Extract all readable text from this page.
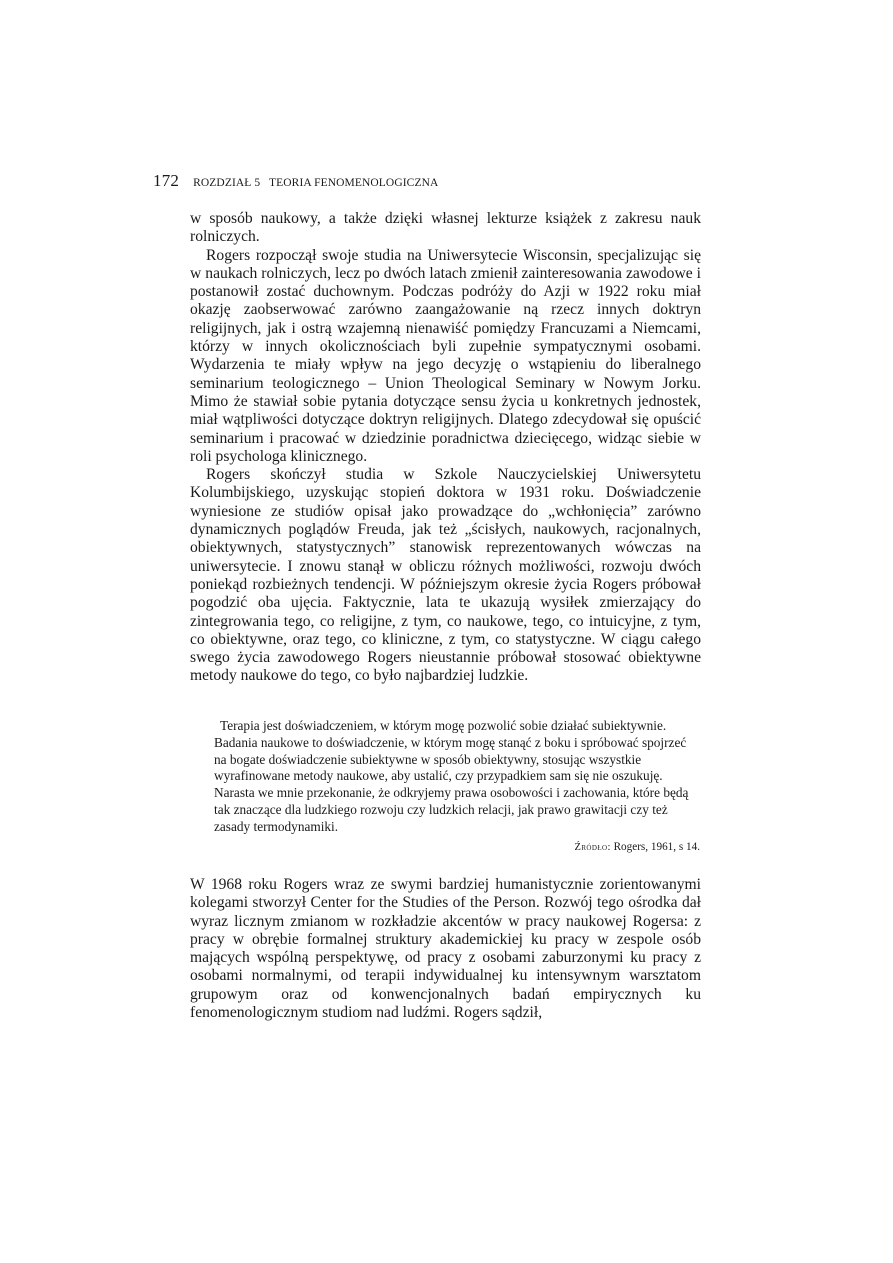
172 ROZDZIAŁ 5 TEORIA FENOMENOLOGICZNA

w sposób naukowy, a także dzięki własnej lekturze książek z zakresu nauk rolniczych.

Rogers rozpoczął swoje studia na Uniwersytecie Wisconsin, specjalizując się w naukach rolniczych, lecz po dwóch latach zmienił zainteresowania zawodowe i postanowił zostać duchownym. Podczas podróży do Azji w 1922 roku miał okazję zaobserwować zarówno zaangażowanie ną rzecz innych doktryn religijnych, jak i ostrą wzajemną nienawiść pomiędzy Francuzami a Niemcami, którzy w innych okolicznościach byli zupełnie sympatycznymi osobami. Wydarzenia te miały wpływ na jego decyzję o wstąpieniu do liberalnego seminarium teologicznego – Union Theological Seminary w Nowym Jorku. Mimo że stawiał sobie pytania dotyczące sensu życia u konkretnych jednostek, miał wątpliwości dotyczące doktryn religijnych. Dlatego zdecydował się opuścić seminarium i pracować w dziedzinie poradnictwa dziecięcego, widząc siebie w roli psychologa klinicznego.

Rogers skończył studia w Szkole Nauczycielskiej Uniwersytetu Kolumbijskiego, uzyskując stopień doktora w 1931 roku. Doświadczenie wyniesione ze studiów opisał jako prowadzące do „wchłonięcia” zarówno dynamicznych poglądów Freuda, jak też „ścisłych, naukowych, racjonalnych, obiektywnych, statystycznych” stanowisk reprezentowanych wówczas na uniwersytecie. I znowu stanął w obliczu różnych możliwości, rozwoju dwóch poniekąd rozbieżnych tendencji. W późniejszym okresie życia Rogers próbował pogodzić oba ujęcia. Faktycznie, lata te ukazują wysiłek zmierzający do zintegrowania tego, co religijne, z tym, co naukowe, tego, co intuicyjne, z tym, co obiektywne, oraz tego, co kliniczne, z tym, co statystyczne. W ciągu całego swego życia zawodowego Rogers nieustannie próbował stosować obiektywne metody naukowe do tego, co było najbardziej ludzkie.

Terapia jest doświadczeniem, w którym mogę pozwolić sobie działać subiektywnie. Badania naukowe to doświadczenie, w którym mogę stanąć z boku i spróbować spojrzeć na bogate doświadczenie subiektywne w sposób obiektywny, stosując wszystkie wyrafinowane metody naukowe, aby ustalić, czy przypadkiem sam się nie oszukuję. Narasta we mnie przekonanie, że odkryjemy prawa osobowości i zachowania, które będą tak znaczące dla ludzkiego rozwoju czy ludzkich relacji, jak prawo grawitacji czy też zasady termodynamiki.

Źródło: Rogers, 1961, s 14.

W 1968 roku Rogers wraz ze swymi bardziej humanistycznie zorientowanymi kolegami stworzył Center for the Studies of the Person. Rozwój tego ośrodka dał wyraz licznym zmianom w rozkładzie akcentów w pracy naukowej Rogersa: z pracy w obrębie formalnej struktury akademickiej ku pracy w zespole osób mających wspólną perspektywę, od pracy z osobami zaburzonymi ku pracy z osobami normalnymi, od terapii indywidualnej ku intensywnym warsztatom grupowym oraz od konwencjonalnych badań empirycznych ku fenomenologicznym studiom nad ludźmi. Rogers sądził,
